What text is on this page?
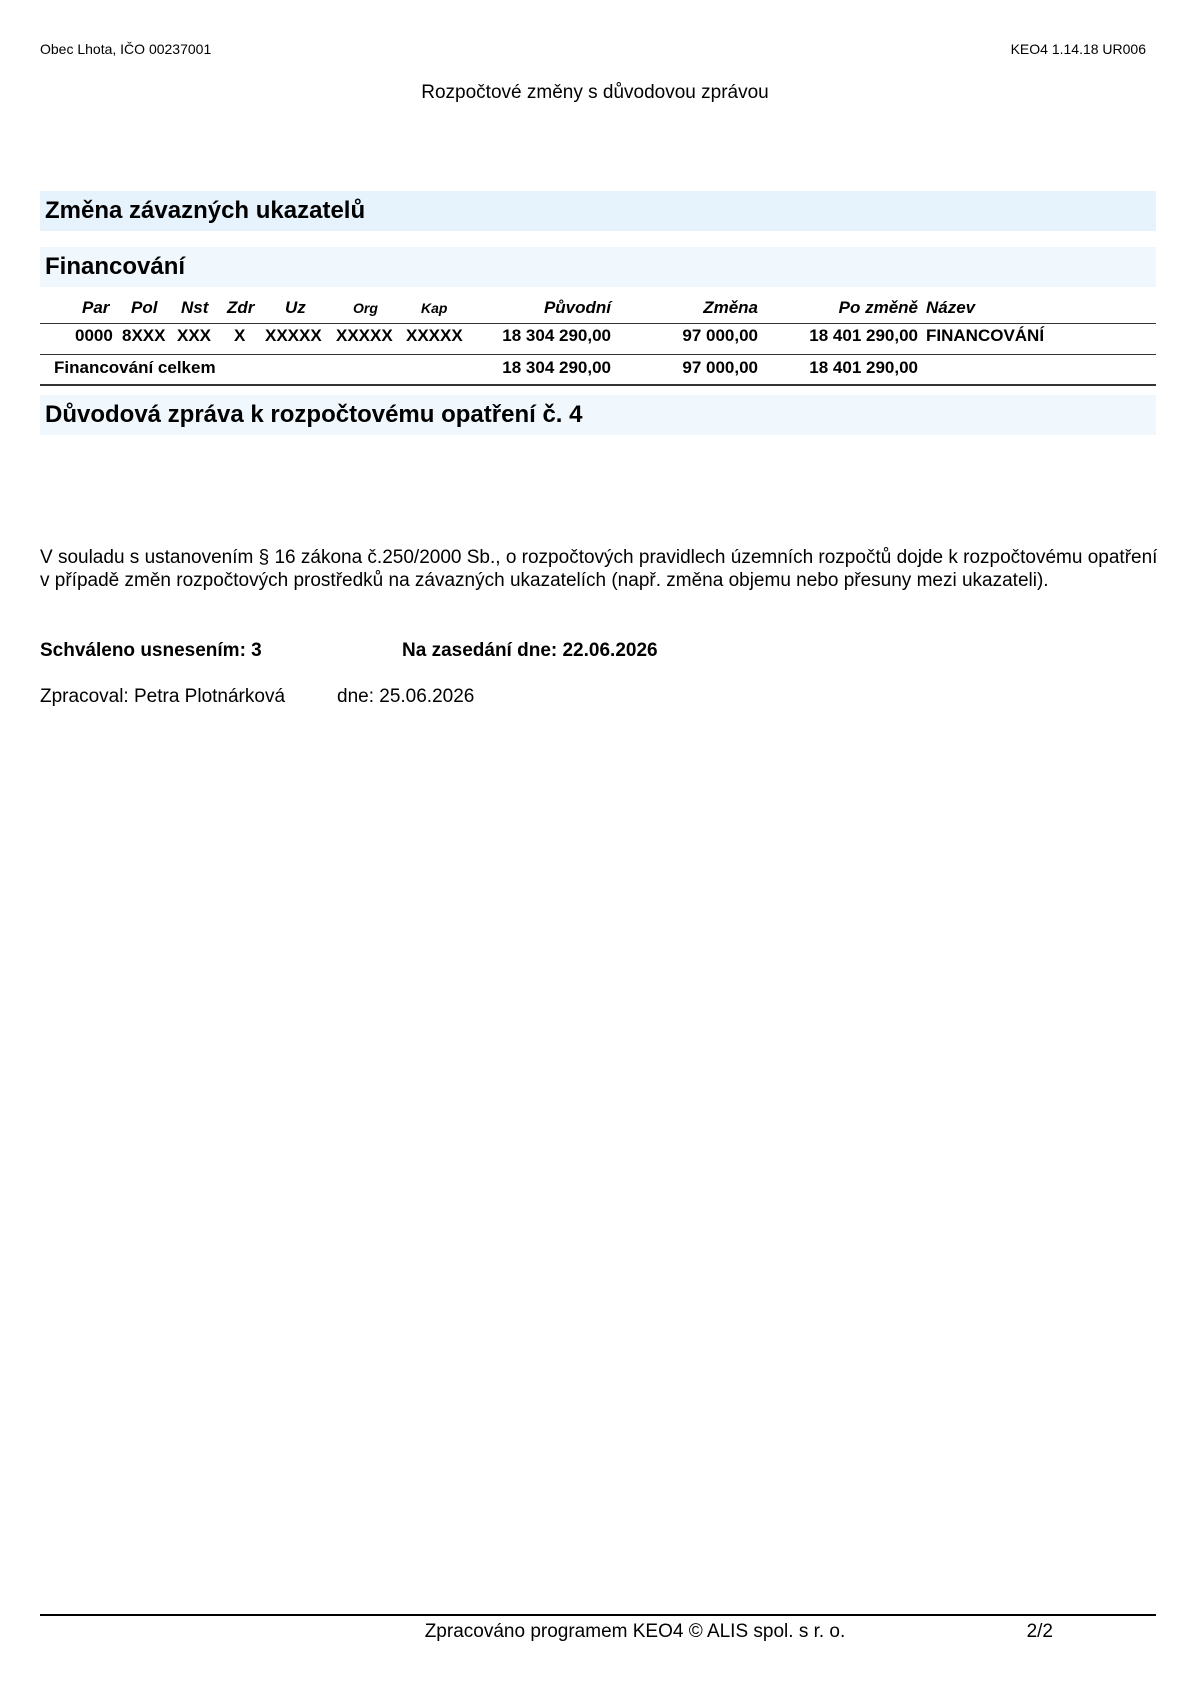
Obec Lhota, IČO 00237001	KEO4 1.14.18 UR006
Rozpočtové změny s důvodovou zprávou
Změna závazných ukazatelů
Financování
Par Pol Nst Zdr Uz	Org	Kap	Původní	Změna	Po změně Název
0000 8XXX XXX X XXXXX XXXXX XXXXX	18 304 290,00	97 000,00	18 401 290,00 FINANCOVÁNÍ
Financování celkem	18 304 290,00	97 000,00	18 401 290,00
Důvodová zpráva k rozpočtovému opatření č. 4
V souladu s ustanovením § 16 zákona č.250/2000 Sb., o rozpočtových pravidlech územních rozpočtů dojde k rozpočtovému opatření v případě změn rozpočtových prostředků na závazných ukazatelích (např. změna objemu nebo přesuny mezi ukazateli).
Schváleno usnesením: 3	Na zasedání dne: 22.06.2026
Zpracoval: Petra Plotnárková	dne: 25.06.2026
Zpracováno programem KEO4 © ALIS spol. s r. o.	2/2
